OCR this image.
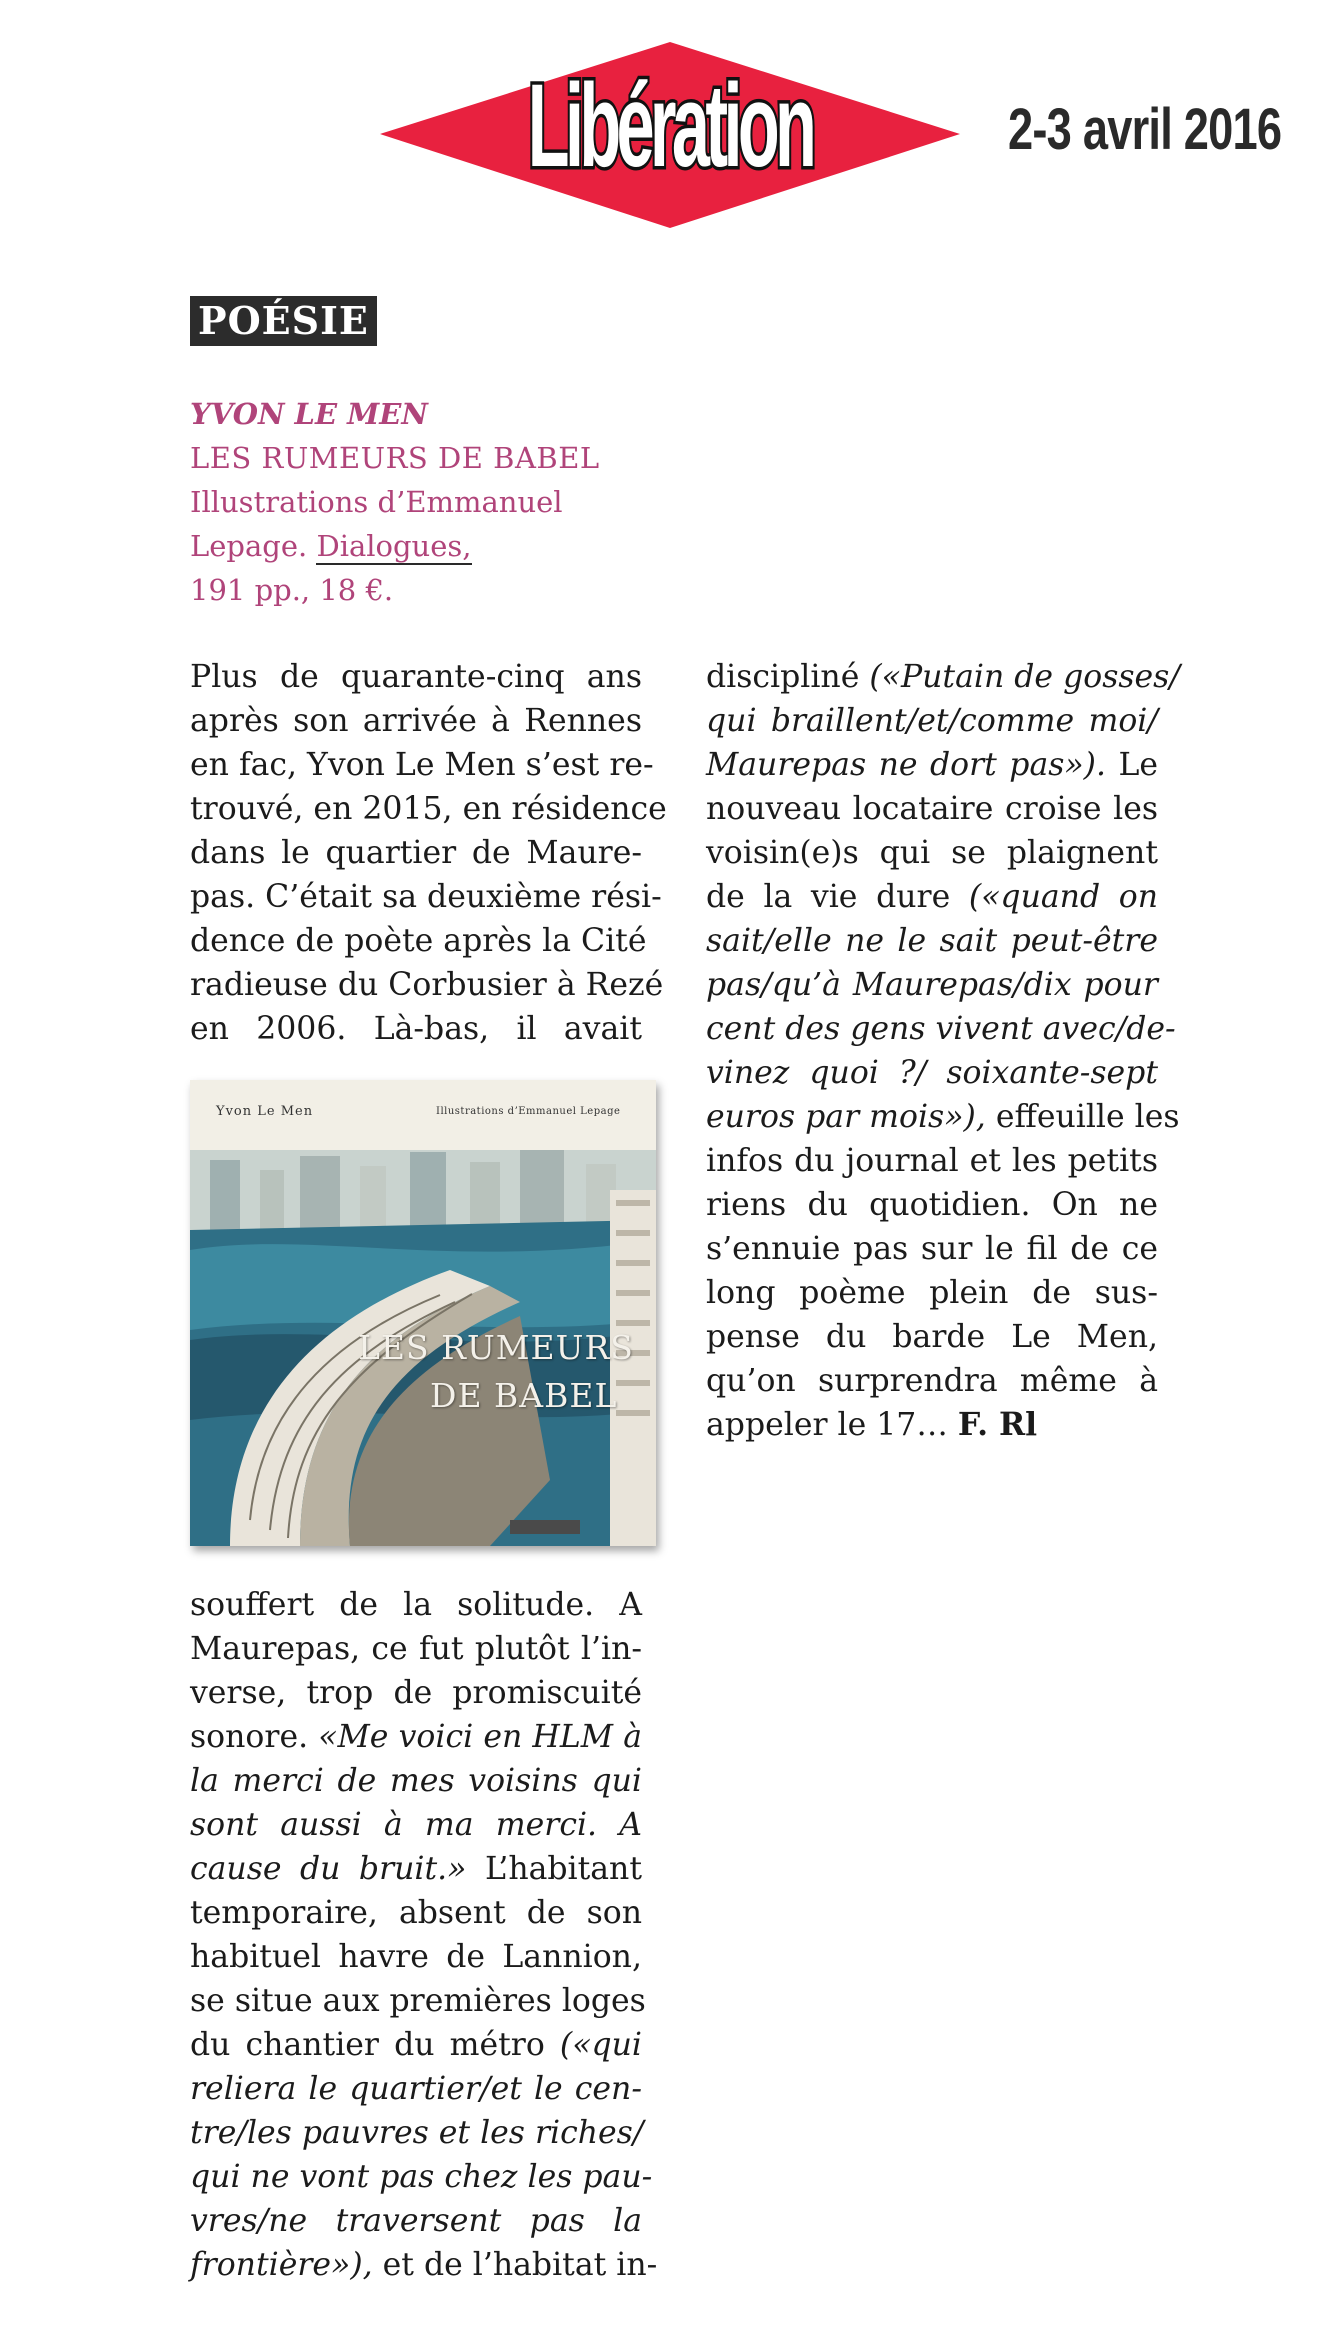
Libération	2-3 avril 2016
POÉSIE
YVON LE MEN
LES RUMEURS DE BABEL
Illustrations d’Emmanuel
Lepage. Dialogues,
191 pp., 18 €.
Plus de quarante-cinq ans
après son arrivée à Rennes
en fac, Yvon Le Men s’est re-
trouvé, en 2015, en résidence
dans le quartier de Maure-
pas. C’était sa deuxième rési-
dence de poète après la Cité
radieuse du Corbusier à Rezé
en 2006. Là-bas, il avait
Yvon Le Men	Illustrations d’Emmanuel Lepage
LES RUMEURS
DE BABEL
souffert de la solitude. A
Maurepas, ce fut plutôt l’in-
verse, trop de promiscuité
sonore. «Me voici en HLM à
la merci de mes voisins qui
sont aussi à ma merci. A
cause du bruit.» L’habitant
temporaire, absent de son
habituel havre de Lannion,
se situe aux premières loges
du chantier du métro («qui
reliera le quartier/et le cen-
tre/les pauvres et les riches/
qui ne vont pas chez les pau-
vres/ne traversent pas la
frontière»), et de l’habitat in-
discipliné («Putain de gosses/
qui braillent/et/comme moi/
Maurepas ne dort pas»). Le
nouveau locataire croise les
voisin(e)s qui se plaignent
de la vie dure («quand on
sait/elle ne le sait peut-être
pas/qu’à Maurepas/dix pour
cent des gens vivent avec/de-
vinez quoi ?/ soixante-sept
euros par mois»), effeuille les
infos du journal et les petits
riens du quotidien. On ne
s’ennuie pas sur le fil de ce
long poème plein de sus-
pense du barde Le Men,
qu’on surprendra même à
appeler le 17… F. Rl
